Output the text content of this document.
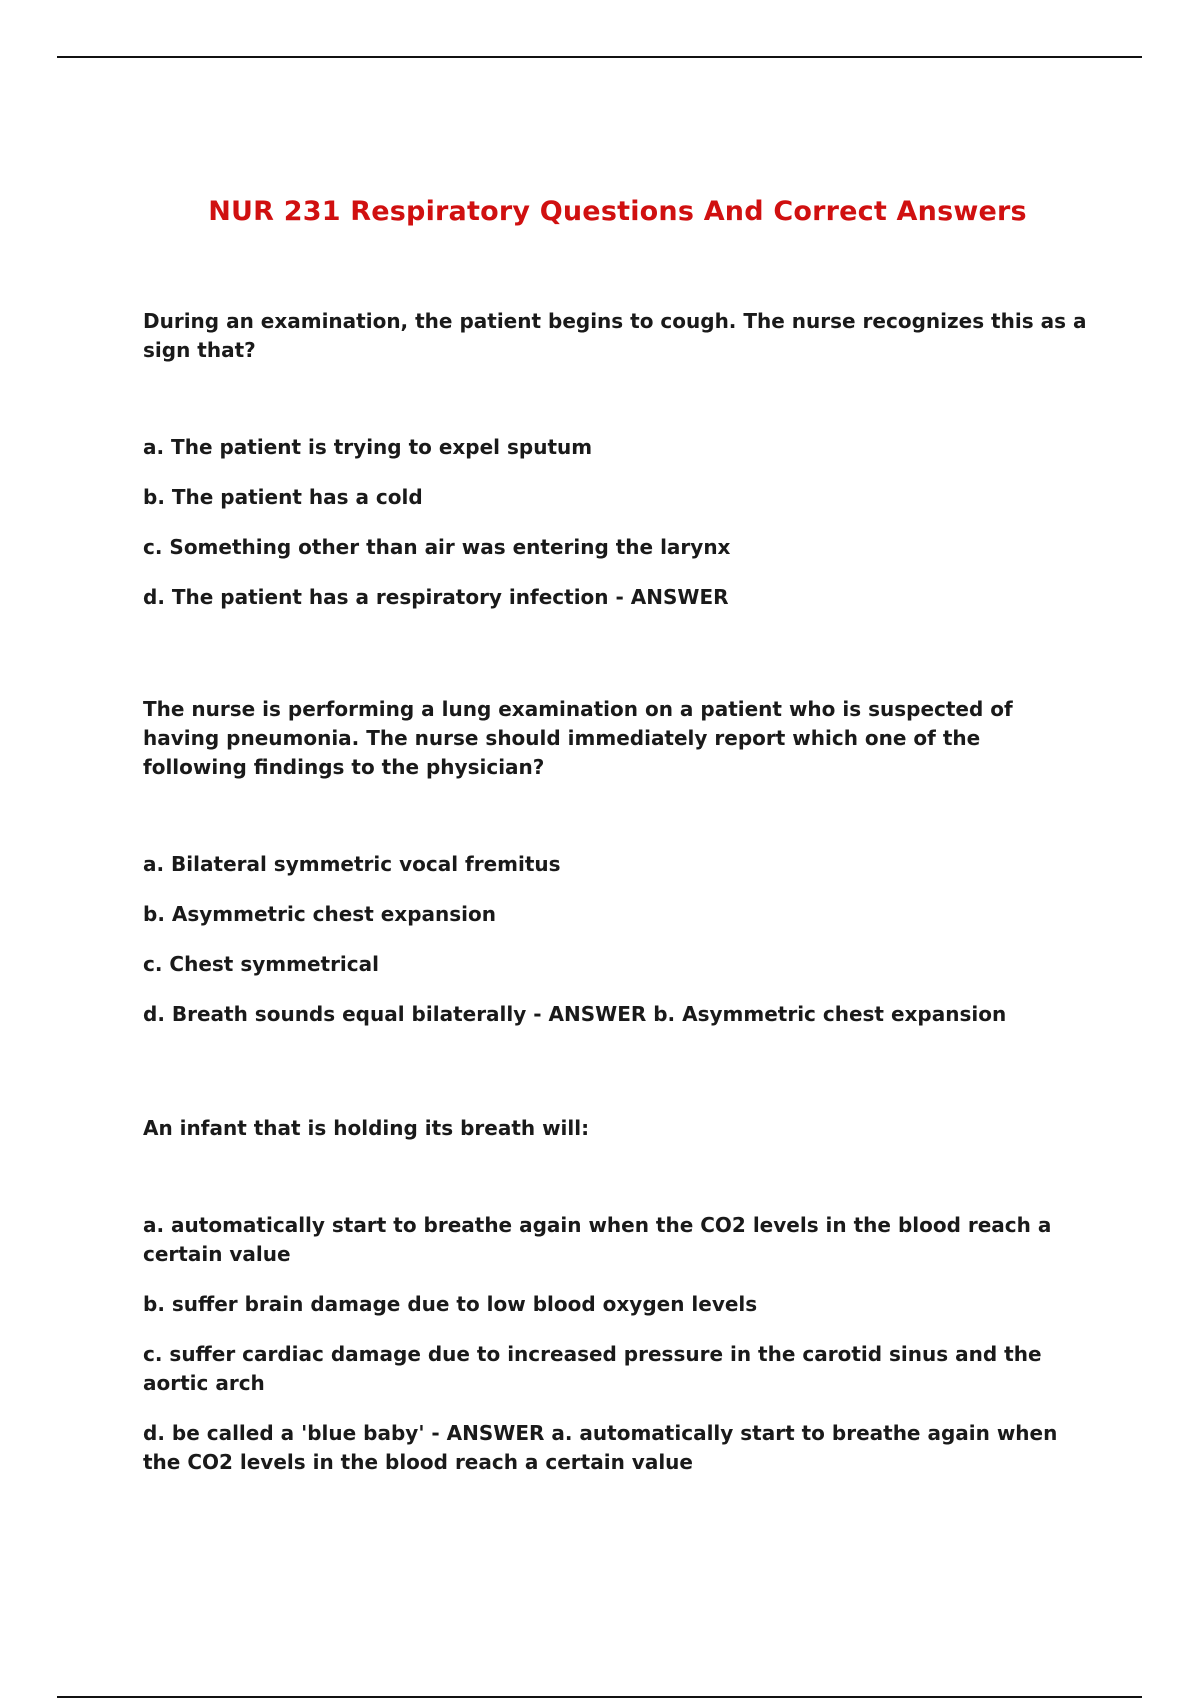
NUR 231 Respiratory Questions And Correct Answers

During an examination, the patient begins to cough. The nurse recognizes this as a sign that?

a. The patient is trying to expel sputum

b. The patient has a cold

c. Something other than air was entering the larynx

d. The patient has a respiratory infection - ANSWER

The nurse is performing a lung examination on a patient who is suspected of having pneumonia. The nurse should immediately report which one of the following findings to the physician?

a. Bilateral symmetric vocal fremitus

b. Asymmetric chest expansion

c. Chest symmetrical

d. Breath sounds equal bilaterally - ANSWER b. Asymmetric chest expansion

An infant that is holding its breath will:

a. automatically start to breathe again when the CO2 levels in the blood reach a certain value

b. suffer brain damage due to low blood oxygen levels

c. suffer cardiac damage due to increased pressure in the carotid sinus and the aortic arch

d. be called a 'blue baby' - ANSWER a. automatically start to breathe again when the CO2 levels in the blood reach a certain value
